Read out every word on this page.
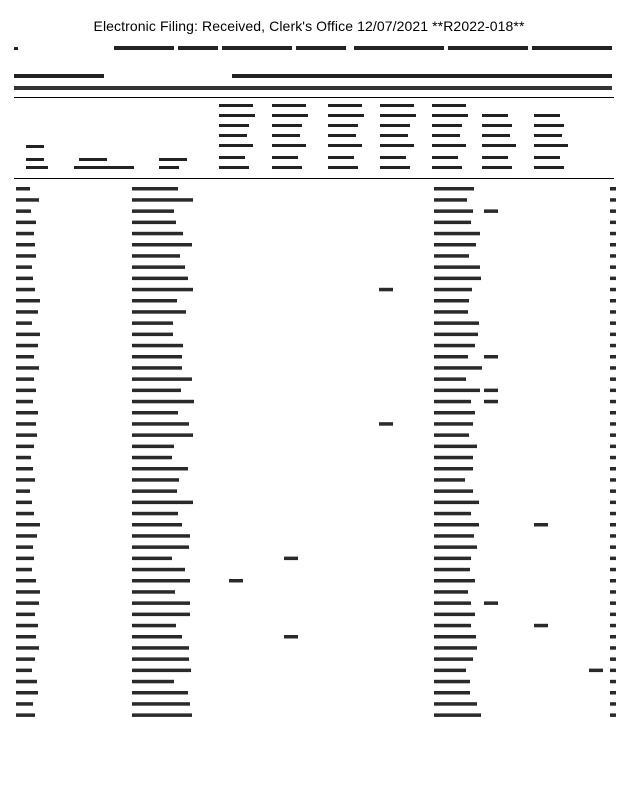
Electronic Filing: Received, Clerk's Office 12/07/2021 **R2022-018**
